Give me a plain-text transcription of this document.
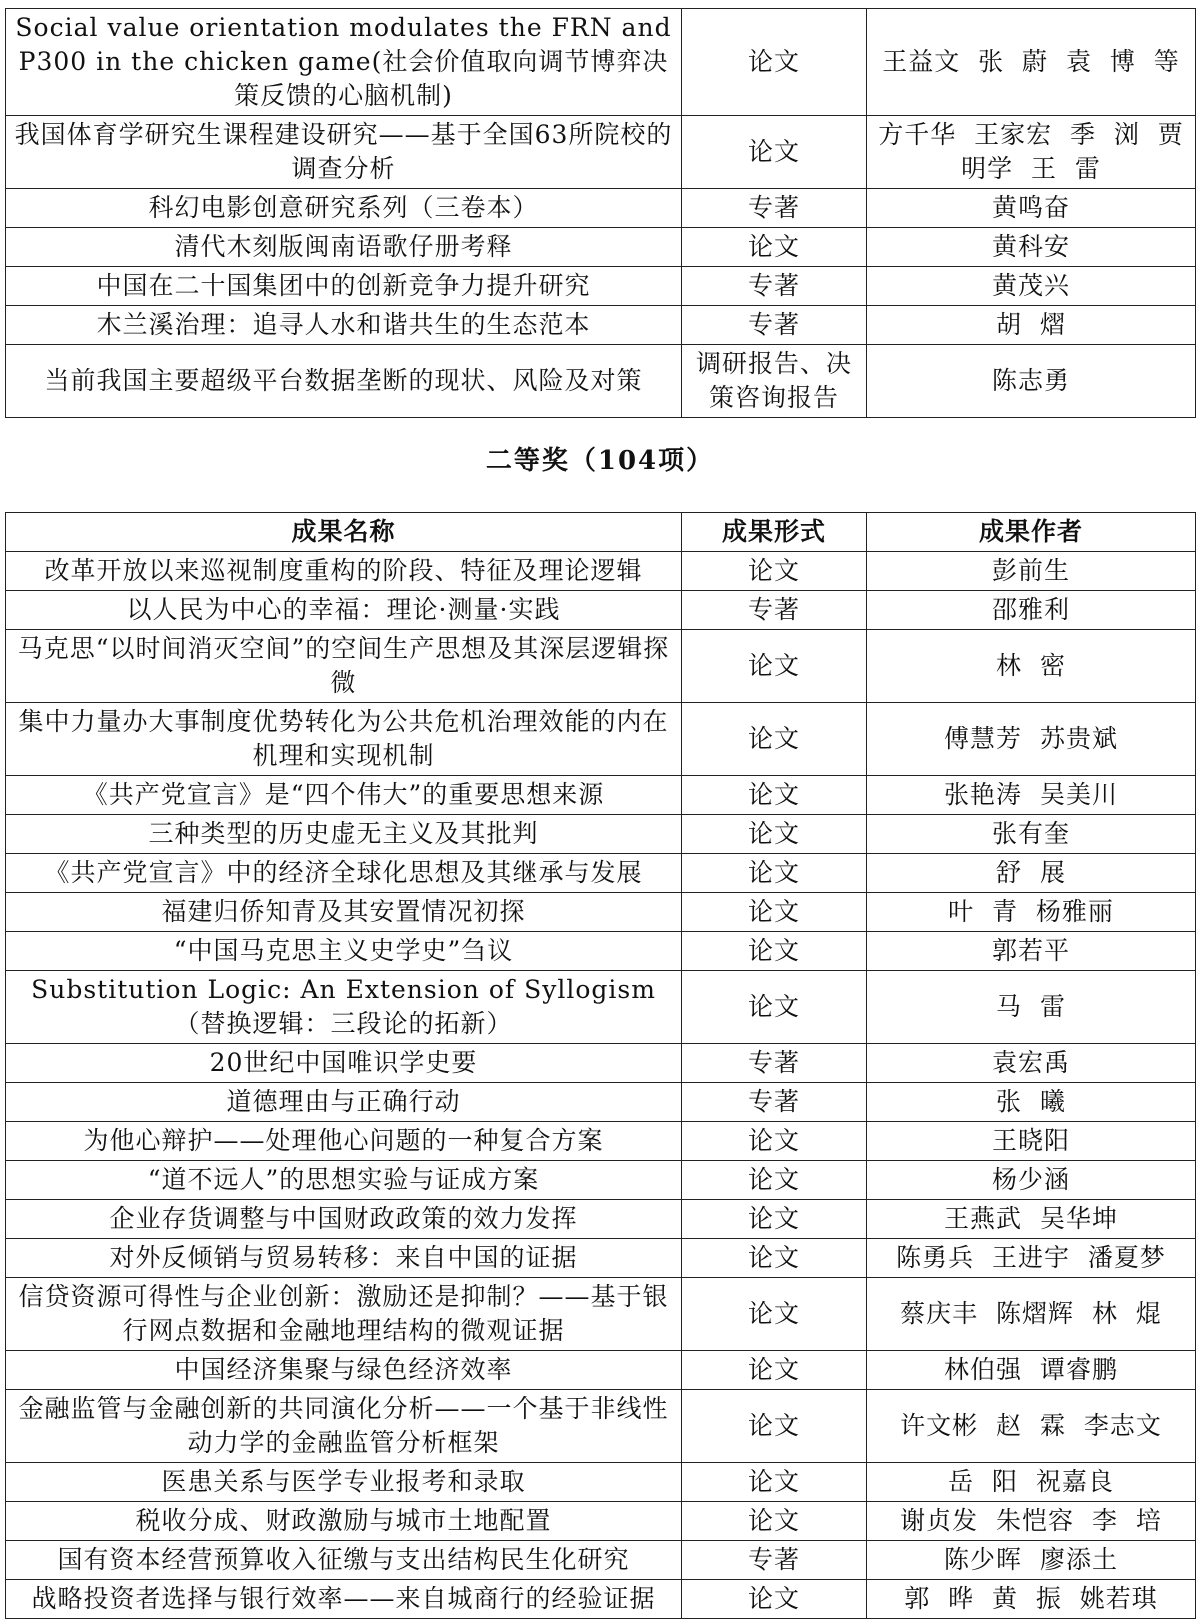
Social value orientation modulates the FRN and P300 in the chicken game(社会价值取向调节博弈决策反馈的心脑机制)	论文	王益文  张  蔚  袁  博  等
我国体育学研究生课程建设研究——基于全国63所院校的调查分析	论文	方千华  王家宏  季  浏  贾明学  王  雷
科幻电影创意研究系列（三卷本）	专著	黄鸣奋
清代木刻版闽南语歌仔册考释	论文	黄科安
中国在二十国集团中的创新竞争力提升研究	专著	黄茂兴
木兰溪治理：追寻人水和谐共生的生态范本	专著	胡  熠
当前我国主要超级平台数据垄断的现状、风险及对策	调研报告、决策咨询报告	陈志勇
二等奖（104项）
成果名称	成果形式	成果作者
改革开放以来巡视制度重构的阶段、特征及理论逻辑	论文	彭前生
以人民为中心的幸福：理论·测量·实践	专著	邵雅利
马克思“以时间消灭空间”的空间生产思想及其深层逻辑探微	论文	林  密
集中力量办大事制度优势转化为公共危机治理效能的内在机理和实现机制	论文	傅慧芳  苏贵斌
《共产党宣言》是“四个伟大”的重要思想来源	论文	张艳涛  吴美川
三种类型的历史虚无主义及其批判	论文	张有奎
《共产党宣言》中的经济全球化思想及其继承与发展	论文	舒  展
福建归侨知青及其安置情况初探	论文	叶  青  杨雅丽
“中国马克思主义史学史”刍议	论文	郭若平
Substitution Logic: An Extension of Syllogism（替换逻辑：三段论的拓新）	论文	马  雷
20世纪中国唯识学史要	专著	袁宏禹
道德理由与正确行动	专著	张  曦
为他心辩护——处理他心问题的一种复合方案	论文	王晓阳
“道不远人”的思想实验与证成方案	论文	杨少涵
企业存货调整与中国财政政策的效力发挥	论文	王燕武  吴华坤
对外反倾销与贸易转移：来自中国的证据	论文	陈勇兵  王进宇  潘夏梦
信贷资源可得性与企业创新：激励还是抑制？——基于银行网点数据和金融地理结构的微观证据	论文	蔡庆丰  陈熠辉  林  焜
中国经济集聚与绿色经济效率	论文	林伯强  谭睿鹏
金融监管与金融创新的共同演化分析——一个基于非线性动力学的金融监管分析框架	论文	许文彬  赵  霖  李志文
医患关系与医学专业报考和录取	论文	岳  阳  祝嘉良
税收分成、财政激励与城市土地配置	论文	谢贞发  朱恺容  李  培
国有资本经营预算收入征缴与支出结构民生化研究	专著	陈少晖  廖添土
战略投资者选择与银行效率——来自城商行的经验证据	论文	郭  晔  黄  振  姚若琪
